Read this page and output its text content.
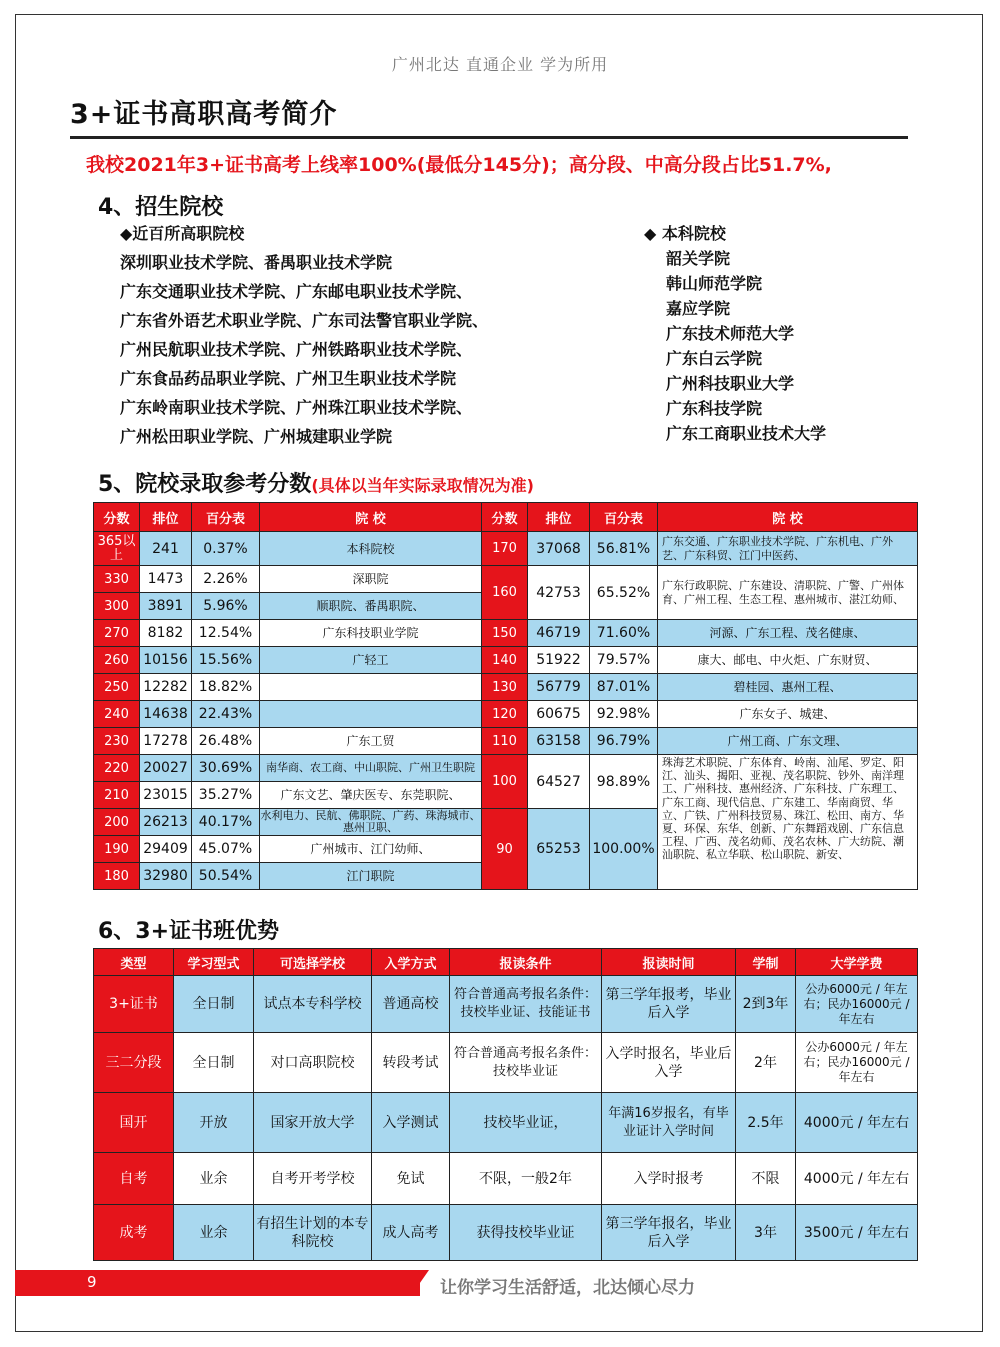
广州北达 直通企业 学为所用
3+证书高职高考简介
我校2021年3+证书高考上线率100%(最低分145分)；高分段、中高分段占比51.7%,
4、招生院校
◆近百所高职院校
深圳职业技术学院、番禺职业技术学院
广东交通职业技术学院、广东邮电职业技术学院、
广东省外语艺术职业学院、广东司法警官职业学院、
广州民航职业技术学院、广州铁路职业技术学院、
广东食品药品职业学院、广州卫生职业技术学院
广东岭南职业技术学院、广州珠江职业技术学院、
广州松田职业学院、广州城建职业学院
◆ 本科院校
韶关学院
韩山师范学院
嘉应学院
广东技术师范大学
广东白云学院
广州科技职业大学
广东科技学院
广东工商职业技术大学
5、院校录取参考分数(具体以当年实际录取情况为准)
分数	排位	百分表	院 校	分数	排位	百分表	院 校
365以上	241	0.37%	本科院校	170	37068	56.81%	广东交通、广东职业技术学院、广东机电、广外艺、广东科贸、江门中医药、
330	1473	2.26%	深职院	160	42753	65.52%	广东行政职院、广东建设、清职院、广警、广州体育、广州工程、生态工程、惠州城市、湛江幼师、
300	3891	5.96%	顺职院、番禺职院、				
270	8182	12.54%	广东科技职业学院	150	46719	71.60%	河源、广东工程、茂名健康、
260	10156	15.56%	广轻工	140	51922	79.57%	康大、邮电、中火炬、广东财贸、
250	12282	18.82%		130	56779	87.01%	碧桂园、惠州工程、
240	14638	22.43%		120	60675	92.98%	广东女子、城建、
230	17278	26.48%	广东工贸	110	63158	96.79%	广州工商、广东文理、
220	20027	30.69%	南华商、农工商、中山职院、广州卫生职院	100	64527	98.89%	珠海艺术职院、广东体育、岭南、汕尾、罗定、阳江、汕头、揭阳、亚视、茂名职院、钞外、南洋理工、广州科技、惠州经济、广东科技、广东理工、广东工商、现代信息、广东建工、华南商贸、华立、广铁、广州科技贸易、珠江、松田、南方、华夏、环保、东华、创新、广东舞蹈戏剧、广东信息工程、广西、茂名幼师、茂名农林、广大纺院、潮汕职院、私立华联、松山职院、新安、
210	23015	35.27%	广东文艺、肇庆医专、东莞职院、				
200	26213	40.17%	水利电力、民航、佛职院、广药、珠海城市、惠州卫职、	90	65253	100.00%	
190	29409	45.07%	广州城市、江门幼师、				
180	32980	50.54%	江门职院				
6、3+证书班优势
类型	学习型式	可选择学校	入学方式	报读条件	报读时间	学制	大学学费
3+证书	全日制	试点本专科学校	普通高校	符合普通高考报名条件：技校毕业证、技能证书	第三学年报考，毕业后入学	2到3年	公办6000元 / 年左右；民办16000元 / 年左右
三二分段	全日制	对口高职院校	转段考试	符合普通高考报名条件：技校毕业证	入学时报名，毕业后入学	2年	公办6000元 / 年左右；民办16000元 / 年左右
国开	开放	国家开放大学	入学测试	技校毕业证，	年满16岁报名，有毕业证计入学时间	2.5年	4000元 / 年左右
自考	业余	自考开考学校	免试	不限，一般2年	入学时报考	不限	4000元 / 年左右
成考	业余	有招生计划的本专科院校	成人高考	获得技校毕业证	第三学年报名，毕业后入学	3年	3500元 / 年左右
9	让你学习生活舒适，北达倾心尽力
